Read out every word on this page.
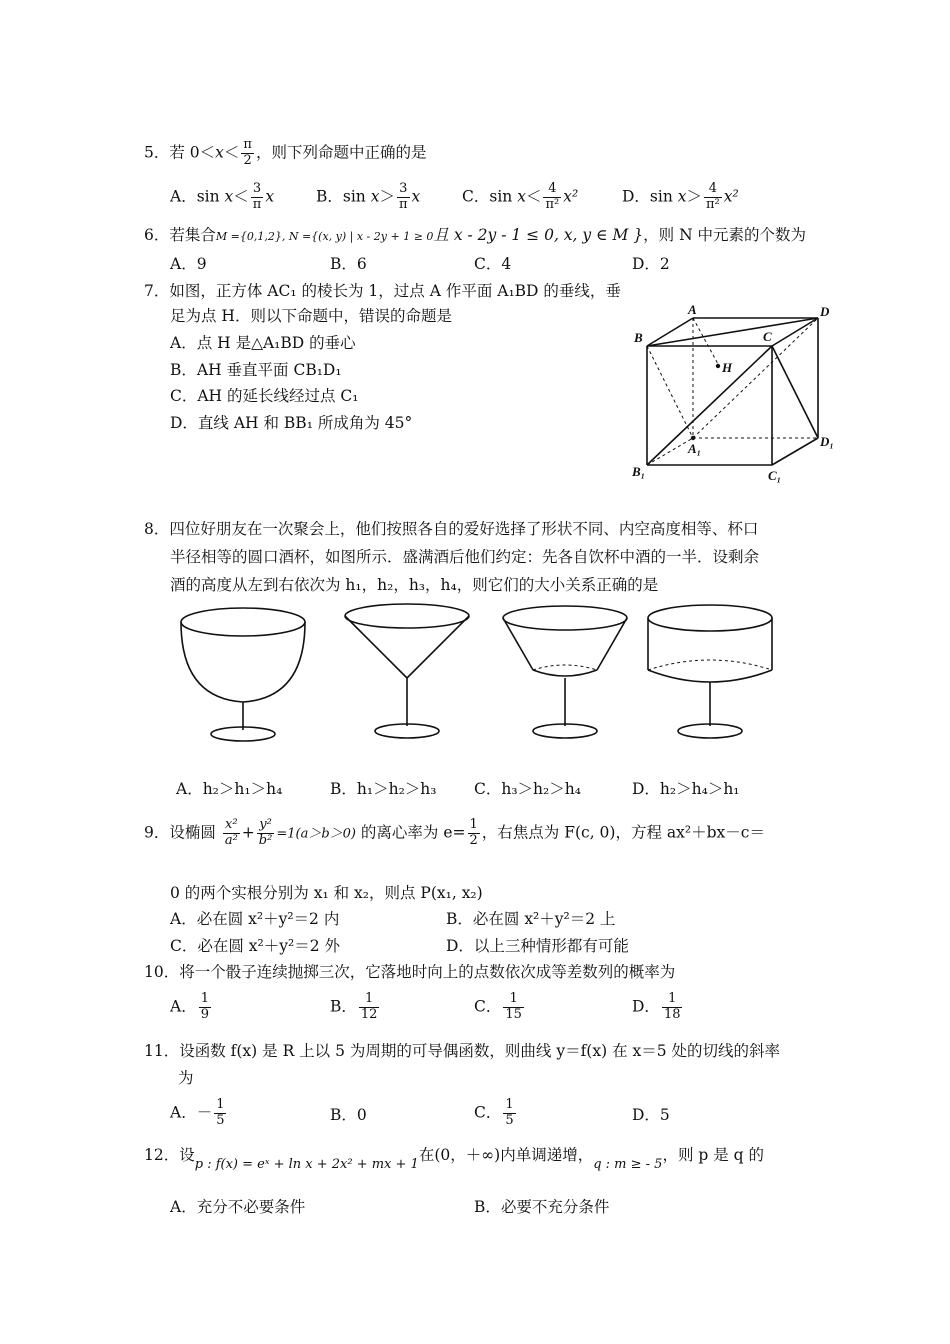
5．若 $0<x< \frac{\pi}{2}$ ，则下列命题中正确的是
A．$\sin x< \frac{3}{\pi}$ x	B．$\sin x> \frac{3}{\pi}$ x	C．$\sin x< \frac{4}{\text{π²}} x^2$	D．$\sin x> \frac{4}{\text{π²}} x^2$
6．若集合M ={0,1,2}, N ={(x, y) | x - 2y + 1 ≥ 0且 x - 2y - 1 ≤ 0, x, y ∈ M }，则 N 中元素的个数为
A．9	B．6	C．4	D．2
7．如图，正方体 AC₁ 的棱长为 1，过点 A 作平面 A₁BD 的垂线，垂
足为点 H．则以下命题中，错误的命题是
A．点 H 是△A₁BD 的垂心
B．AH 垂直平面 CB₁D₁
C．AH 的延长线经过点 C₁
D．直线 AH 和 BB₁ 所成角为 45°
A	D
B	C
H
A₁	D₁
B₁	C₁
8．四位好朋友在一次聚会上，他们按照各自的爱好选择了形状不同、内空高度相等、杯口
半径相等的圆口酒杯，如图所示．盛满酒后他们约定：先各自饮杯中酒的一半．设剩余
酒的高度从左到右依次为 h₁，h₂，h₃，h₄，则它们的大小关系正确的是
A．h₂＞h₁＞h₄	B．h₁＞h₂＞h₃ C．h₃＞h₂＞h₄	D．h₂＞h₄＞h₁
9．设椭圆 $\frac{\text{x²}}{\text{a²}} + \frac{\text{y²}}{\text{b²}} =1(a>b>0)$ 的离心率为 $e= \frac{1}{2}$ ，右焦点为 F(c, 0)，方程 ax²＋bx－c＝
0 的两个实根分别为 x₁ 和 x₂，则点 P(x₁, x₂)
A．必在圆 x²＋y²＝2 内	B．必在圆 x²＋y²＝2 上
C．必在圆 x²＋y²＝2 外	D．以上三种情形都有可能
10．将一个骰子连续抛掷三次，它落地时向上的点数依次成等差数列的概率为
A． $\frac{1}{9}$	B． $\frac{1}{12}$	C． $\frac{1}{15}$	D． $\frac{1}{18}$
11．设函数 f(x) 是 R 上以 5 为周期的可导偶函数，则曲线 y＝f(x) 在 x＝5 处的切线的斜率
为
A．－ $\frac{1}{5}$	B．0	C． $\frac{1}{5}$	D．5
12．设$_{p : f(x) = eˣ + ln x + 2x^2 + mx + 1}$在(0，＋∞)内单调递增，$_{q : m \ge - 5}$，则 p 是 q 的
A．充分不必要条件	B．必要不充分条件
